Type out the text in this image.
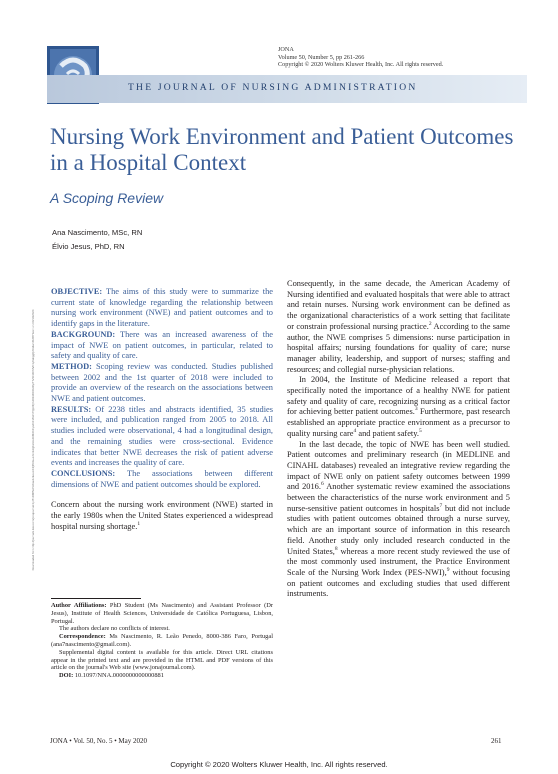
JONA
Volume 50, Number 5, pp 261-266
Copyright © 2020 Wolters Kluwer Health, Inc. All rights reserved.
THE JOURNAL OF NURSING ADMINISTRATION
Nursing Work Environment and Patient Outcomes in a Hospital Context
A Scoping Review
Ana Nascimento, MSc, RN
Élvio Jesus, PhD, RN
Downloaded from http://journals.lww.com/jonajournal by BhDMf5ePHKav1zEoum1tQfN4a+kJLhEZgbsIHo4XMi0hCywCX1AWnYQp/IlQrHD3i3D0OdRyi7TvSFl4Cf3VC1y0abggQZXdtwnfKZBYtws= on 04/14/2024

OBJECTIVE: The aims of this study were to summarize the current state of knowledge regarding the relationship between nursing work environment (NWE) and patient outcomes and to identify gaps in the literature.

BACKGROUND: There was an increased awareness of the impact of NWE on patient outcomes, in particular, related to safety and quality of care.

METHOD: Scoping review was conducted. Studies published between 2002 and the 1st quarter of 2018 were included to provide an overview of the research on the associations between NWE and patient outcomes.

RESULTS: Of 2238 titles and abstracts identified, 35 studies were included, and publication ranged from 2005 to 2018. All studies included were observational, 4 had a longitudinal design, and the remaining studies were cross-sectional. Evidence indicates that better NWE decreases the risk of patient adverse events and increases the quality of care.

CONCLUSIONS: The associations between different dimensions of NWE and patient outcomes should be explored.

Concern about the nursing work environment (NWE) started in the early 1980s when the United States experienced a widespread hospital nursing shortage.$^1$

Author Affiliations: PhD Student (Ms Nascimento) and Assistant Professor (Dr Jesus), Institute of Health Sciences, Universidade de Católica Portuguesa, Lisbon, Portugal.

The authors declare no conflicts of interest.

Correspondence: Ms Nascimento, R. Leão Penedo, 8000-386 Faro, Portugal (ana7nascimento@gmail.com).

Supplemental digital content is available for this article. Direct URL citations appear in the printed text and are provided in the HTML and PDF versions of this article on the journal's Web site (www.jonajournal.com).

DOI: 10.1097/NNA.0000000000000881

Consequently, in the same decade, the American Academy of Nursing identified and evaluated hospitals that were able to attract and retain nurses. Nursing work environment can be defined as the organizational characteristics of a work setting that facilitate or constrain professional nursing practice.$^2$ According to the same author, the NWE comprises 5 dimensions: nurse participation in hospital affairs; nursing foundations for quality of care; nurse manager ability, leadership, and support of nurses; staffing and resources; and collegial nurse-physician relations.

In 2004, the Institute of Medicine released a report that specifically noted the importance of a healthy NWE for patient safety and quality of care, recognizing nursing as a critical factor for achieving better patient outcomes.$^3$ Furthermore, past research established an appropriate practice environment as a precursor to quality nursing care$^4$ and patient safety.$^5$

In the last decade, the topic of NWE has been well studied. Patient outcomes and preliminary research (in MEDLINE and CINAHL databases) revealed an integrative review regarding the impact of NWE only on patient safety outcomes between 1999 and 2016.$^6$ Another systematic review examined the associations between the characteristics of the nurse work environment and 5 nurse-sensitive patient outcomes in hospitals$^7$ but did not include studies with patient outcomes obtained through a nurse survey, which are an important source of information in this research field. Another study only included research conducted in the United States,$^8$ whereas a more recent study reviewed the use of the most commonly used instrument, the Practice Environment Scale of the Nursing Work Index (PES-NWI),$^9$ without focusing on patient outcomes and excluding studies that used different instruments.

JONA • Vol. 50, No. 5 • May 2020	261
Copyright © 2020 Wolters Kluwer Health, Inc. All rights reserved.
